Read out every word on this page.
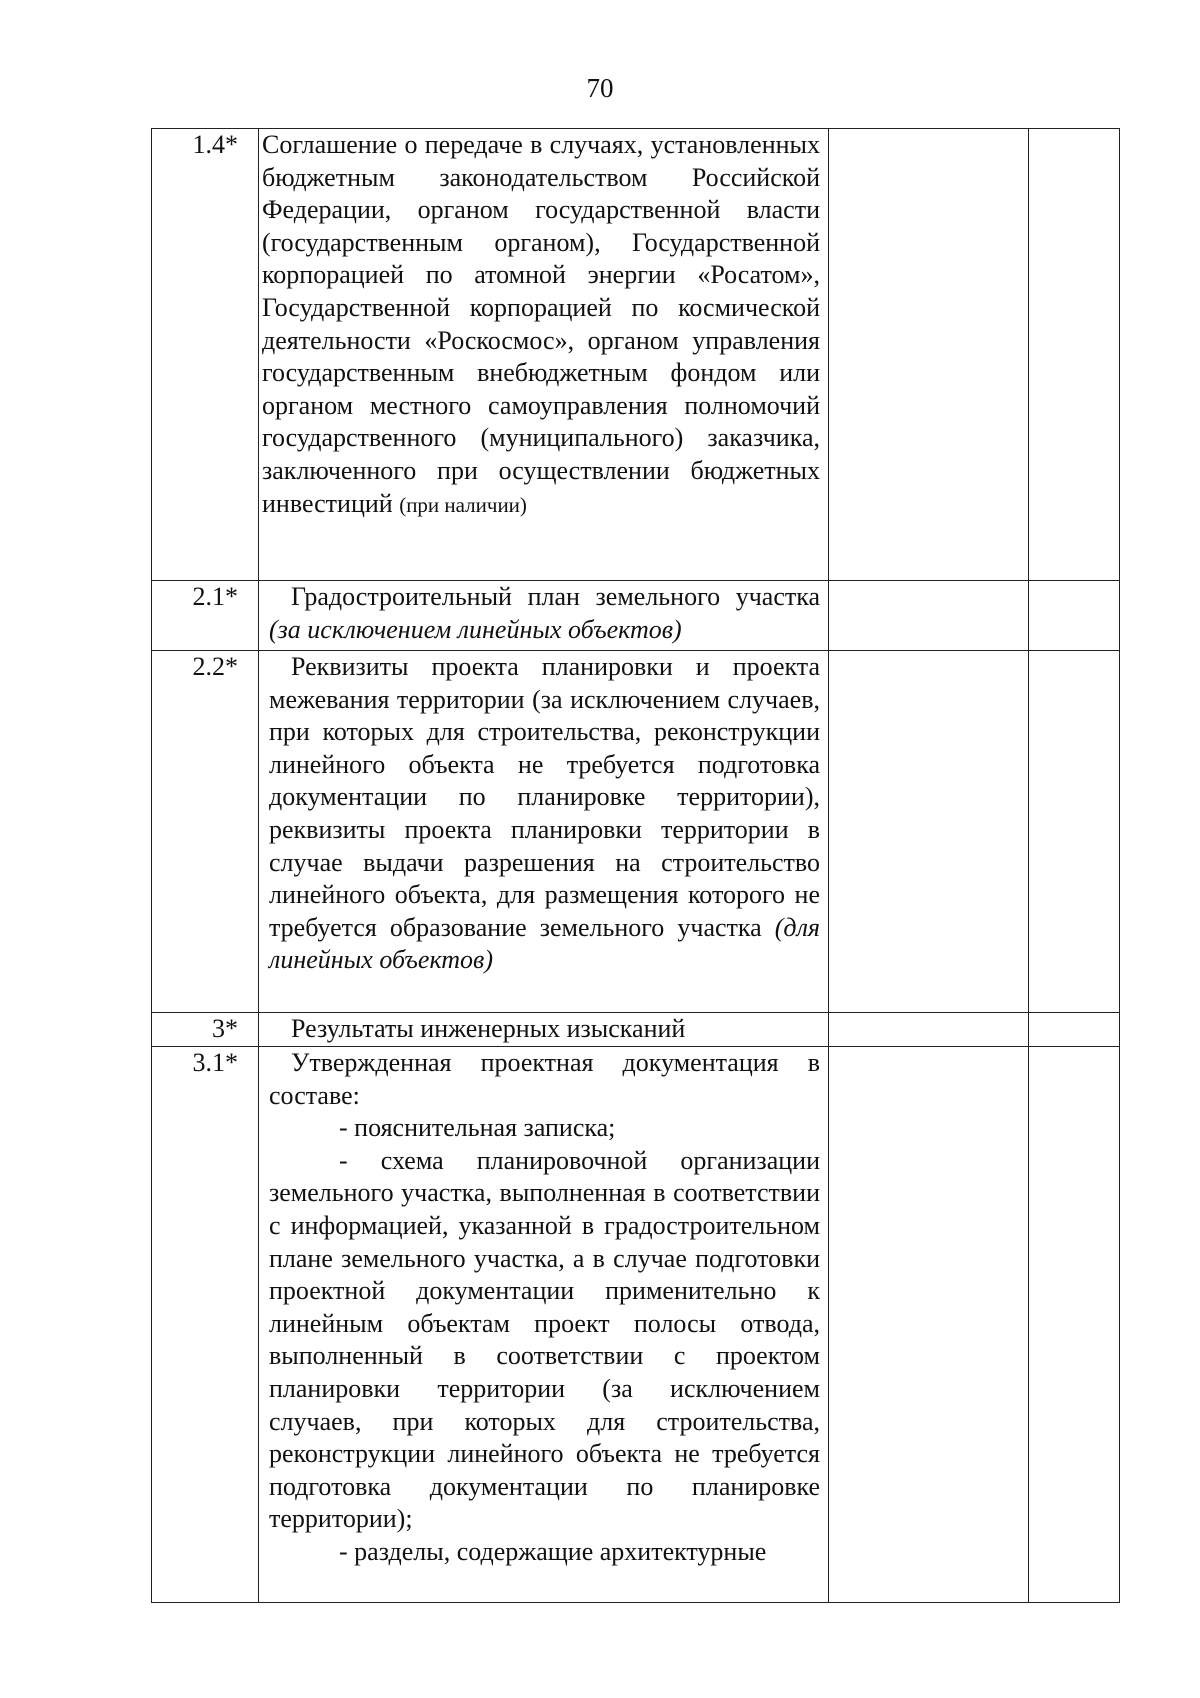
70
1.4*	Соглашение о передаче в случаях, установленных бюджетным законодательством Российской Федерации, органом государственной власти (государственным органом), Государственной корпорацией по атомной энергии «Росатом», Государственной корпорацией по космической деятельности «Роскосмос», органом управления государственным внебюджетным фондом или органом местного самоуправления полномочий государственного (муниципального) заказчика, заключенного при осуществлении бюджетных инвестиций (при наличии)		

2.1*	Градостроительный план земельного участка (за исключением линейных объектов)		

2.2*	Реквизиты проекта планировки и проекта межевания территории (за исключением случаев, при которых для строительства, реконструкции линейного объекта не требуется подготовка документации по планировке территории), реквизиты проекта планировки территории в случае выдачи разрешения на строительство линейного объекта, для размещения которого не требуется образование земельного участка (для линейных объектов)		

3*	Результаты инженерных изысканий		

3.1*	Утвержденная проектная документация в составе:
- пояснительная записка;
- схема планировочной организации земельного участка, выполненная в соответствии с информацией, указанной в градостроительном плане земельного участка, а в случае подготовки проектной документации применительно к линейным объектам проект полосы отвода, выполненный в соответствии с проектом планировки территории (за исключением случаев, при которых для строительства, реконструкции линейного объекта не требуется подготовка документации по планировке территории);
- разделы, содержащие архитектурные		
